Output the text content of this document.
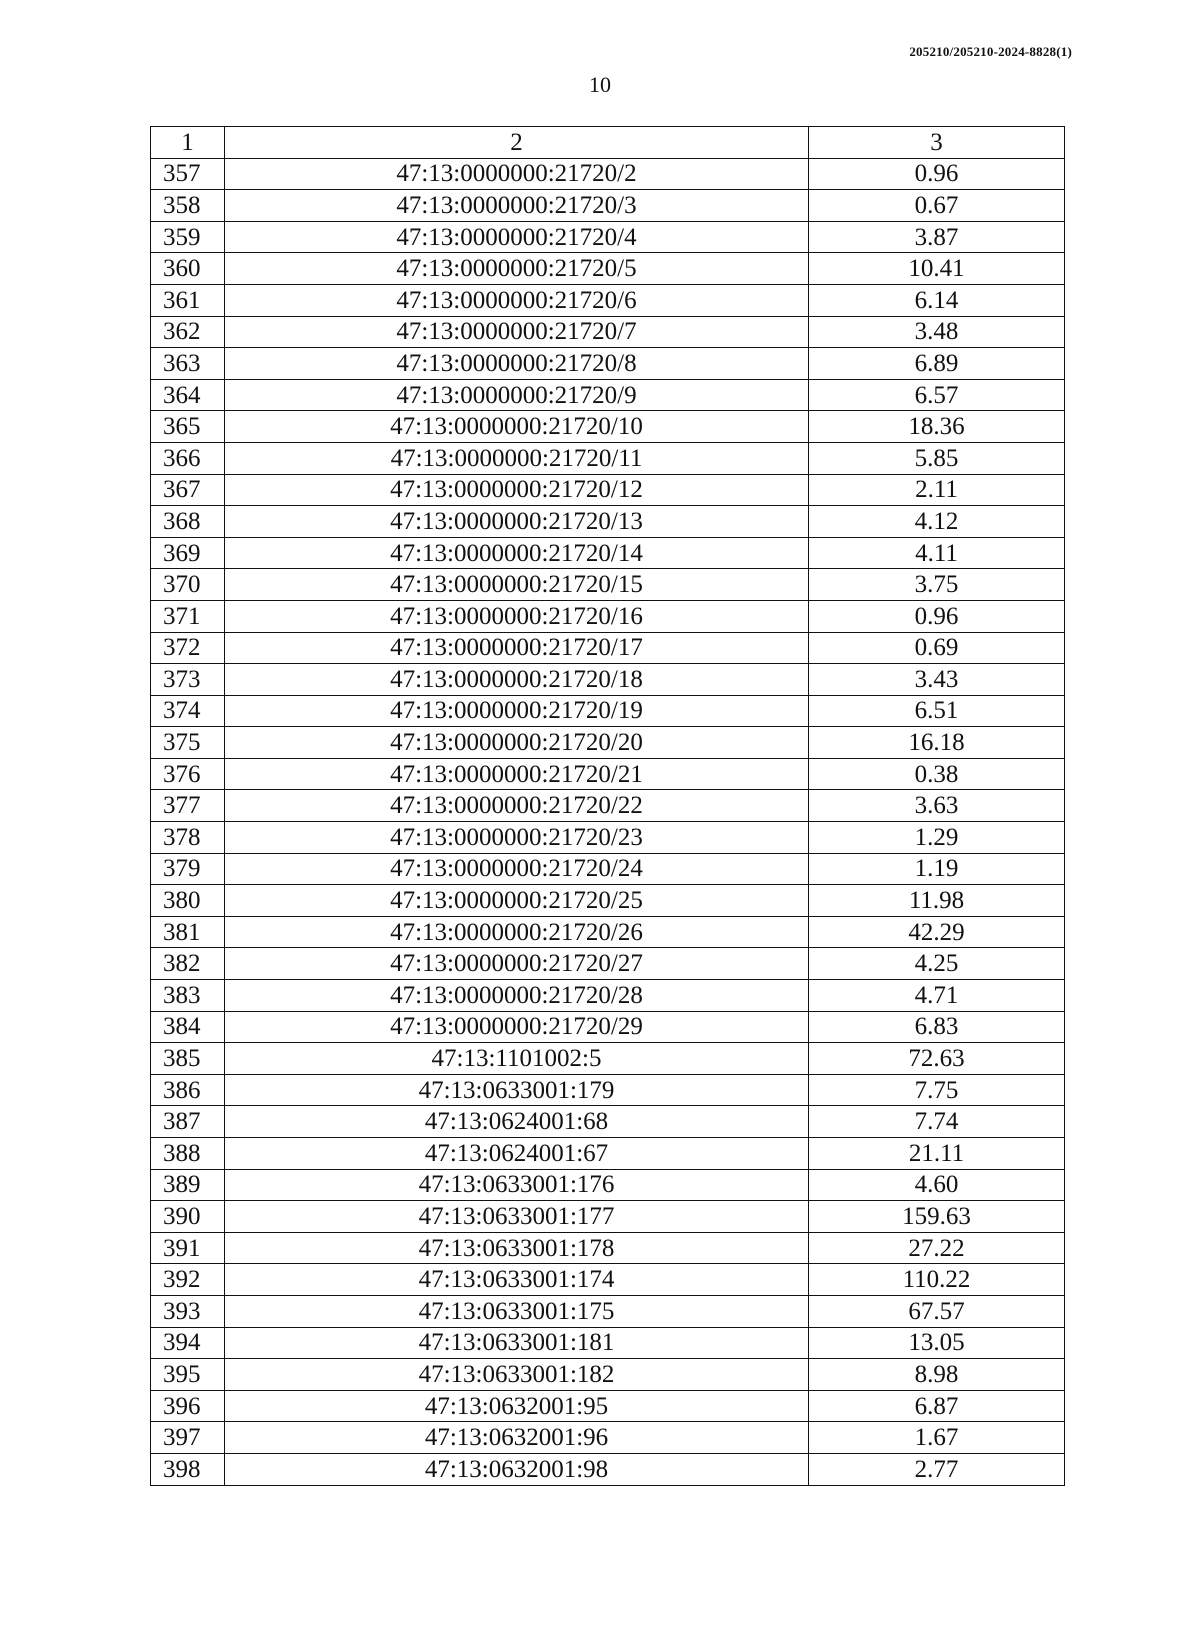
205210/205210-2024-8828(1)
10
1	2	3
357	47:13:0000000:21720/2	0.96
358	47:13:0000000:21720/3	0.67
359	47:13:0000000:21720/4	3.87
360	47:13:0000000:21720/5	10.41
361	47:13:0000000:21720/6	6.14
362	47:13:0000000:21720/7	3.48
363	47:13:0000000:21720/8	6.89
364	47:13:0000000:21720/9	6.57
365	47:13:0000000:21720/10	18.36
366	47:13:0000000:21720/11	5.85
367	47:13:0000000:21720/12	2.11
368	47:13:0000000:21720/13	4.12
369	47:13:0000000:21720/14	4.11
370	47:13:0000000:21720/15	3.75
371	47:13:0000000:21720/16	0.96
372	47:13:0000000:21720/17	0.69
373	47:13:0000000:21720/18	3.43
374	47:13:0000000:21720/19	6.51
375	47:13:0000000:21720/20	16.18
376	47:13:0000000:21720/21	0.38
377	47:13:0000000:21720/22	3.63
378	47:13:0000000:21720/23	1.29
379	47:13:0000000:21720/24	1.19
380	47:13:0000000:21720/25	11.98
381	47:13:0000000:21720/26	42.29
382	47:13:0000000:21720/27	4.25
383	47:13:0000000:21720/28	4.71
384	47:13:0000000:21720/29	6.83
385	47:13:1101002:5	72.63
386	47:13:0633001:179	7.75
387	47:13:0624001:68	7.74
388	47:13:0624001:67	21.11
389	47:13:0633001:176	4.60
390	47:13:0633001:177	159.63
391	47:13:0633001:178	27.22
392	47:13:0633001:174	110.22
393	47:13:0633001:175	67.57
394	47:13:0633001:181	13.05
395	47:13:0633001:182	8.98
396	47:13:0632001:95	6.87
397	47:13:0632001:96	1.67
398	47:13:0632001:98	2.77
